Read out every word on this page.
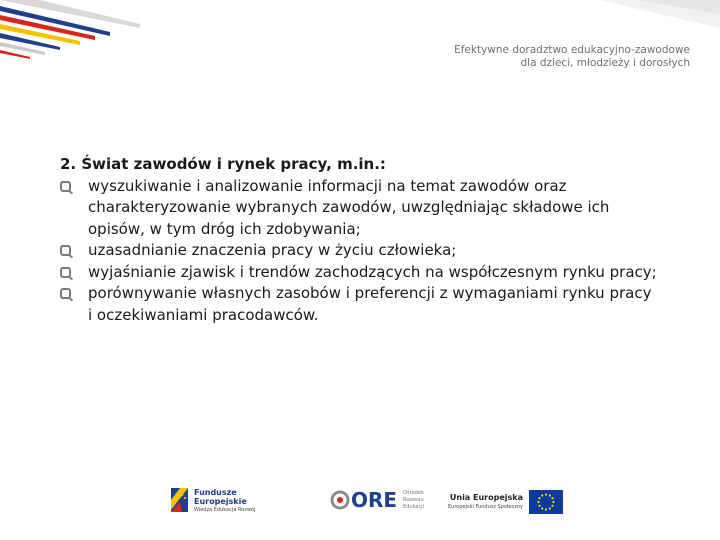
Efektywne doradztwo edukacyjno-zawodowe
dla dzieci, młodzieży i dorosłych

2. Świat zawodów i rynek pracy, m.in.:

wyszukiwanie i analizowanie informacji na temat zawodów oraz charakteryzowanie wybranych zawodów, uwzględniając składowe ich opisów, w tym dróg ich zdobywania;
uzasadnianie znaczenia pracy w życiu człowieka;
wyjaśnianie zjawisk i trendów zachodzących na współczesnym rynku pracy;
porównywanie własnych zasobów i preferencji z wymaganiami rynku pracy i oczekiwaniami pracodawców.
Fundusze
Europejskie
Wiedza Edukacja Rozwój	ORE Ośrodek
Rozwoju
Edukacji
Unia Europejska
Europejski Fundusz Społeczny
